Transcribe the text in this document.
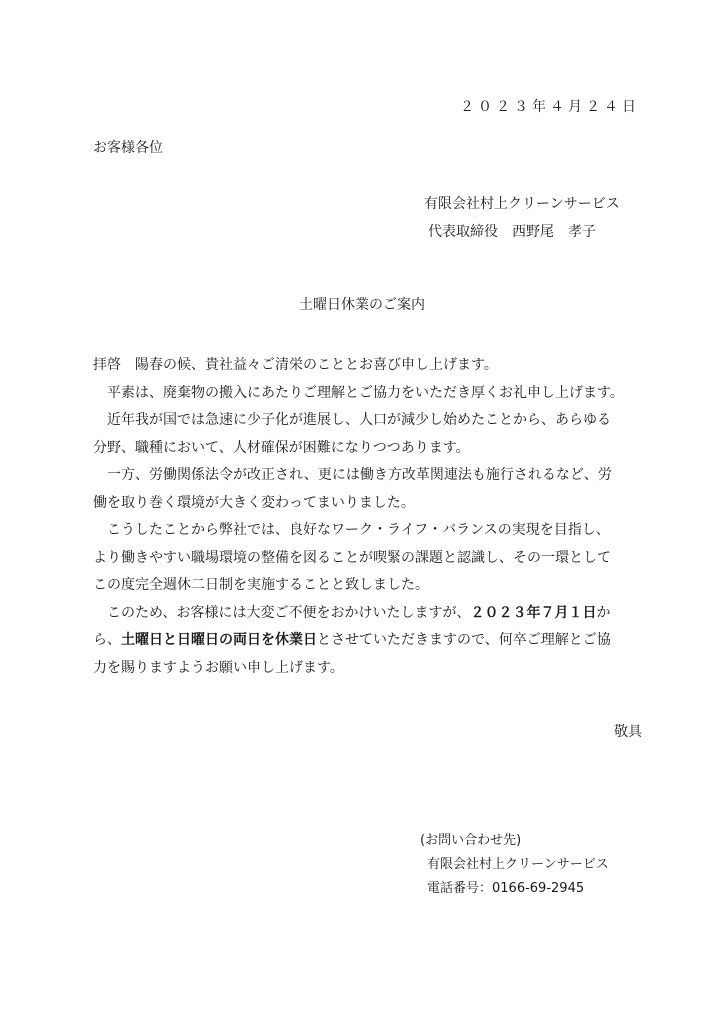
２０２３年４月２４日
お客様各位
有限会社村上クリーンサービス
代表取締役　西野尾　孝子
土曜日休業のご案内

拝啓　陽春の候、貴社益々ご清栄のこととお喜び申し上げます。

平素は、廃棄物の搬入にあたりご理解とご協力をいただき厚くお礼申し上げます。

近年我が国では急速に少子化が進展し、人口が減少し始めたことから、あらゆる
分野、職種において、人材確保が困難になりつつあります。

一方、労働関係法令が改正され、更には働き方改革関連法も施行されるなど、労
働を取り巻く環境が大きく変わってまいりました。

こうしたことから弊社では、良好なワーク・ライフ・バランスの実現を目指し、
より働きやすい職場環境の整備を図ることが喫緊の課題と認識し、その一環として
この度完全週休二日制を実施することと致しました。

このため、お客様には大変ご不便をおかけいたしますが、２０２３年７月１日か
ら、土曜日と日曜日の両日を休業日とさせていただきますので、何卒ご理解とご協
力を賜りますようお願い申し上げます。

敬具
(お問い合わせ先)
有限会社村上クリーンサービス
電話番号：0166-69-2945
